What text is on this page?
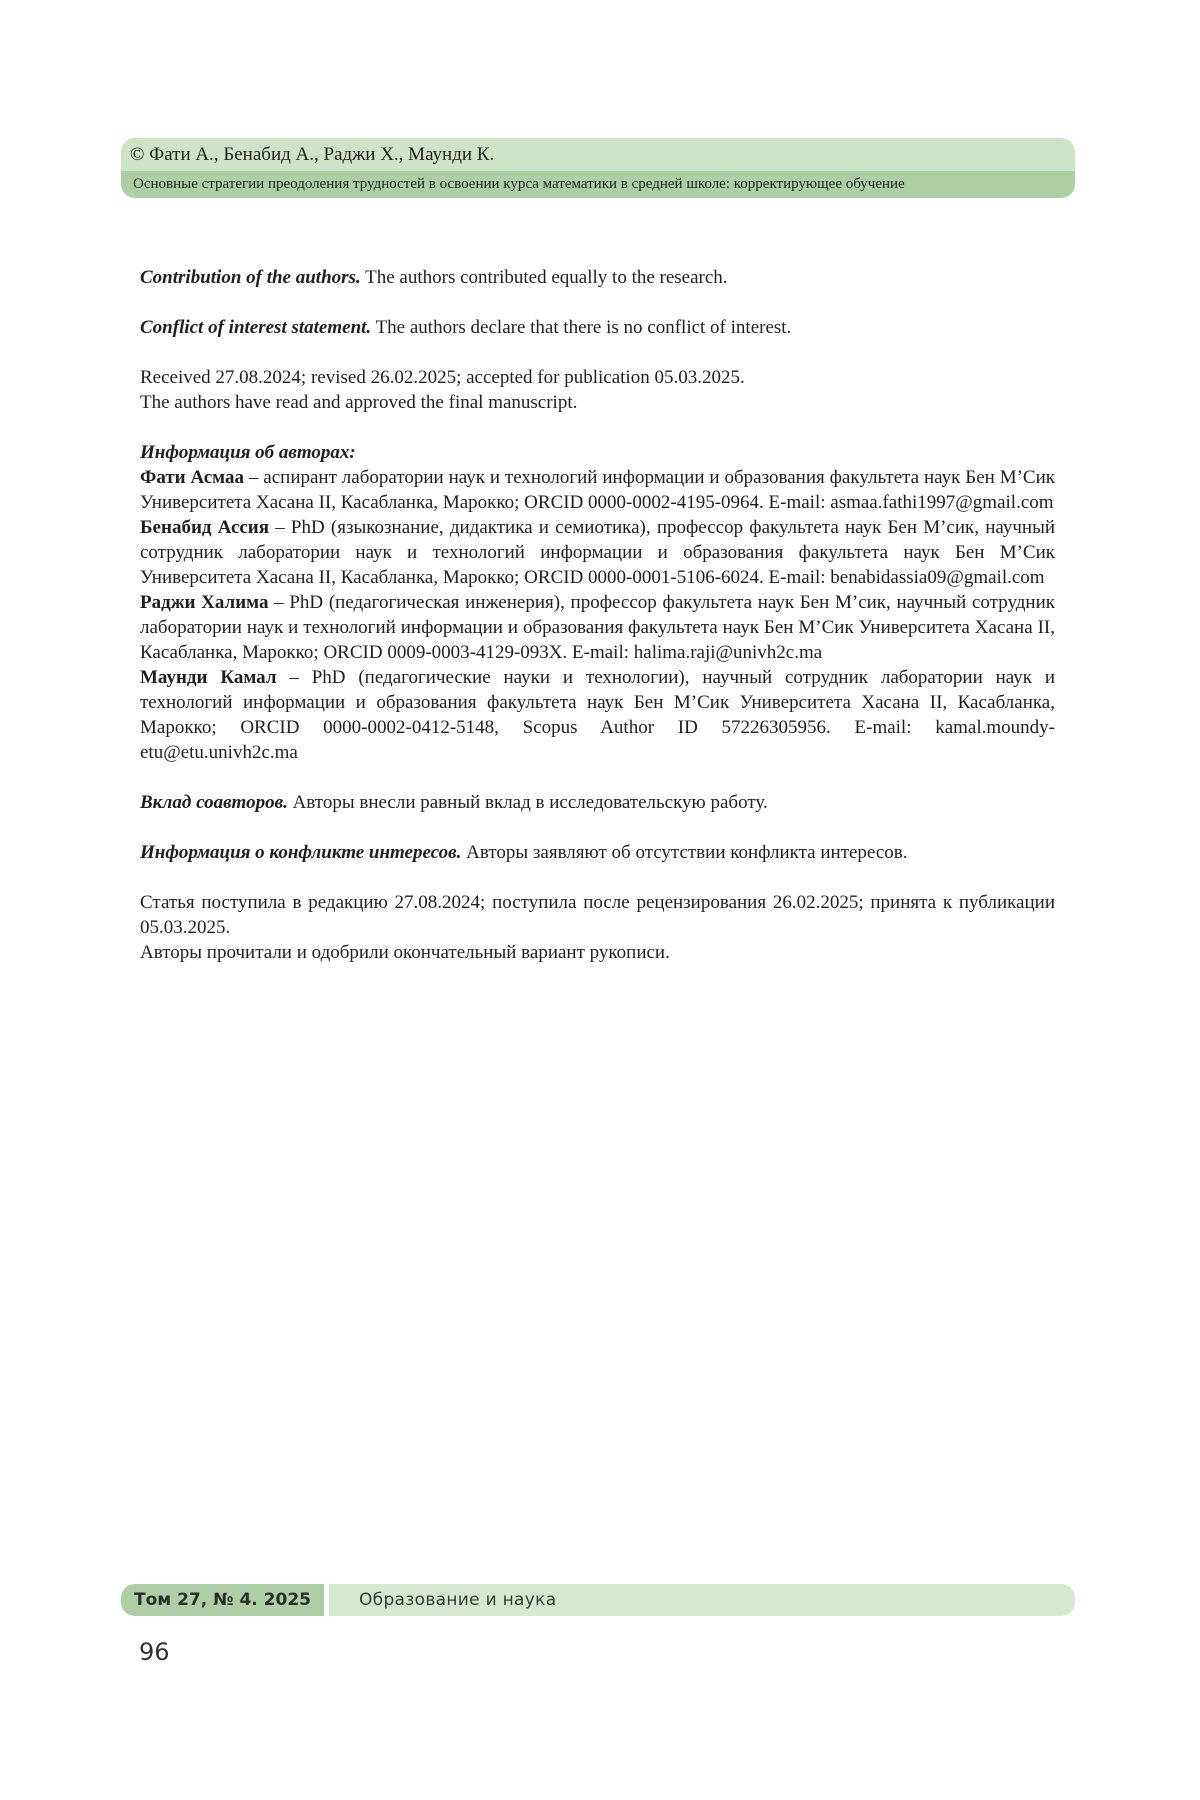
© Фати А., Бенабид А., Раджи Х., Маунди К.
Основные стратегии преодоления трудностей в освоении курса математики в средней школе: корректирующее обучение

Contribution of the authors. The authors contributed equally to the research.

Conflict of interest statement. The authors declare that there is no conflict of interest.

Received 27.08.2024; revised 26.02.2025; accepted for publication 05.03.2025.

The authors have read and approved the final manuscript.

Информация об авторах:

Фати Асмаа – аспирант лаборатории наук и технологий информации и образования факультета наук Бен М’Сик Университета Хасана II, Касабланка, Марокко; ORCID 0000-0002-4195-0964. E-mail: asmaa.fathi1997@gmail.com

Бенабид Ассия – PhD (языкознание, дидактика и семиотика), профессор факультета наук Бен М’сик, научный сотрудник лаборатории наук и технологий информации и образования факультета наук Бен М’Сик Университета Хасана II, Касабланка, Марокко; ORCID 0000-0001-5106-6024. E-mail: benabidassia09@gmail.com

Раджи Халима – PhD (педагогическая инженерия), профессор факультета наук Бен М’сик, научный сотрудник лаборатории наук и технологий информации и образования факультета наук Бен М’Сик Университета Хасана II, Касабланка, Марокко; ORCID 0009-0003-4129-093X. E-mail: halima.raji@univh2c.ma

Маунди Камал – PhD (педагогические науки и технологии), научный сотрудник лаборатории наук и технологий информации и образования факультета наук Бен М’Сик Университета Хасана II, Касабланка, Марокко; ORCID 0000-0002-0412-5148, Scopus Author ID 57226305956. E-mail: kamal.moundy-etu@etu.univh2c.ma

Вклад соавторов. Авторы внесли равный вклад в исследовательскую работу.

Информация о конфликте интересов. Авторы заявляют об отсутствии конфликта интересов.

Статья поступила в редакцию 27.08.2024; поступила после рецензирования 26.02.2025; принята к публикации 05.03.2025.

Авторы прочитали и одобрили окончательный вариант рукописи.

Том 27, № 4. 2025	Образование и наука
96
